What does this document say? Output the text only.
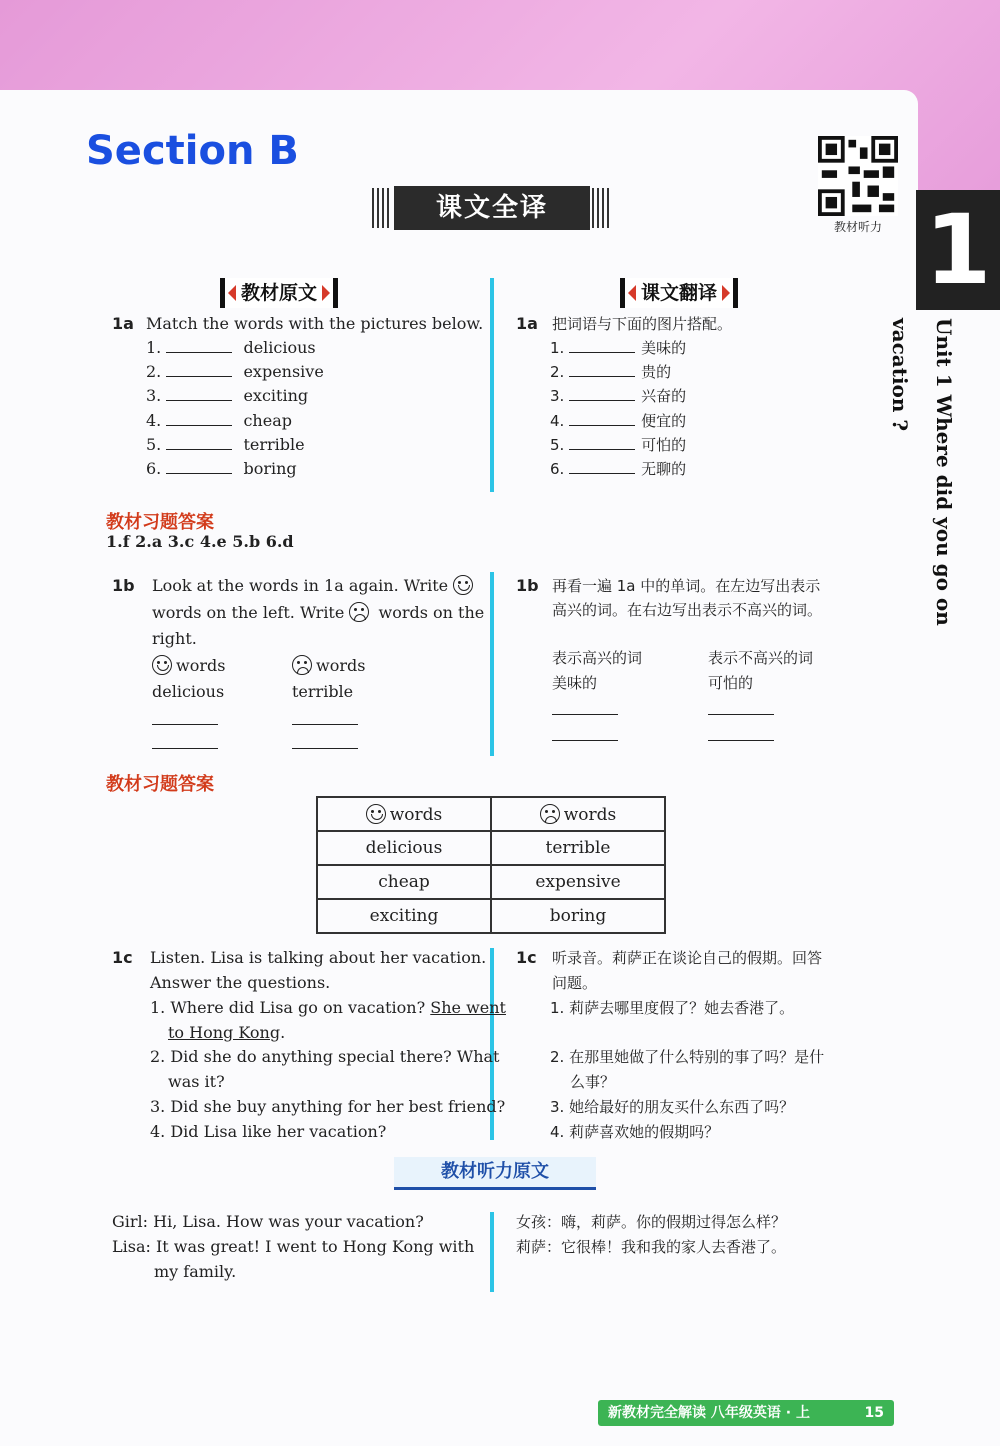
1
Unit 1 Where did you go on vacation ?
Section B
教材听力
课文全译
教材原文	课文翻译
1a Match the words with the pictures below.
1.	delicious
2.	expensive
3.	exciting
4.	cheap
5.	terrible
6.	boring
1a 把词语与下面的图片搭配。
1.	美味的
2.	贵的
3.	兴奋的
4.	便宜的
5.	可怕的
6.	无聊的
教材习题答案
1.f 2.a 3.c 4.e 5.b 6.d
1b Look at the words in 1a again. Write
words on the left. Write words on the
right.
words	words
delicious	terrible
1b 再看一遍 1a 中的单词。在左边写出表示
高兴的词。在右边写出表示不高兴的词。
表示高兴的词	表示不高兴的词
美味的	可怕的
教材习题答案
words	words
delicious	terrible
cheap	expensive
exciting	boring
1c Listen. Lisa is talking about her vacation.
Answer the questions.
1. Where did Lisa go on vacation? She went
to Hong Kong.
2. Did she do anything special there? What
was it?
3. Did she buy anything for her best friend?
4. Did Lisa like her vacation?
1c 听录音。莉萨正在谈论自己的假期。回答
问题。
1. 莉萨去哪里度假了？她去香港了。
2. 在那里她做了什么特别的事了吗？是什
么事？
3. 她给最好的朋友买什么东西了吗？
4. 莉萨喜欢她的假期吗？
教材听力原文
Girl: Hi, Lisa. How was your vacation?
Lisa: It was great! I went to Hong Kong with
my family.
女孩：嗨，莉萨。你的假期过得怎么样？
莉萨：它很棒！我和我的家人去香港了。
新教材完全解读 八年级英语 · 上	15
